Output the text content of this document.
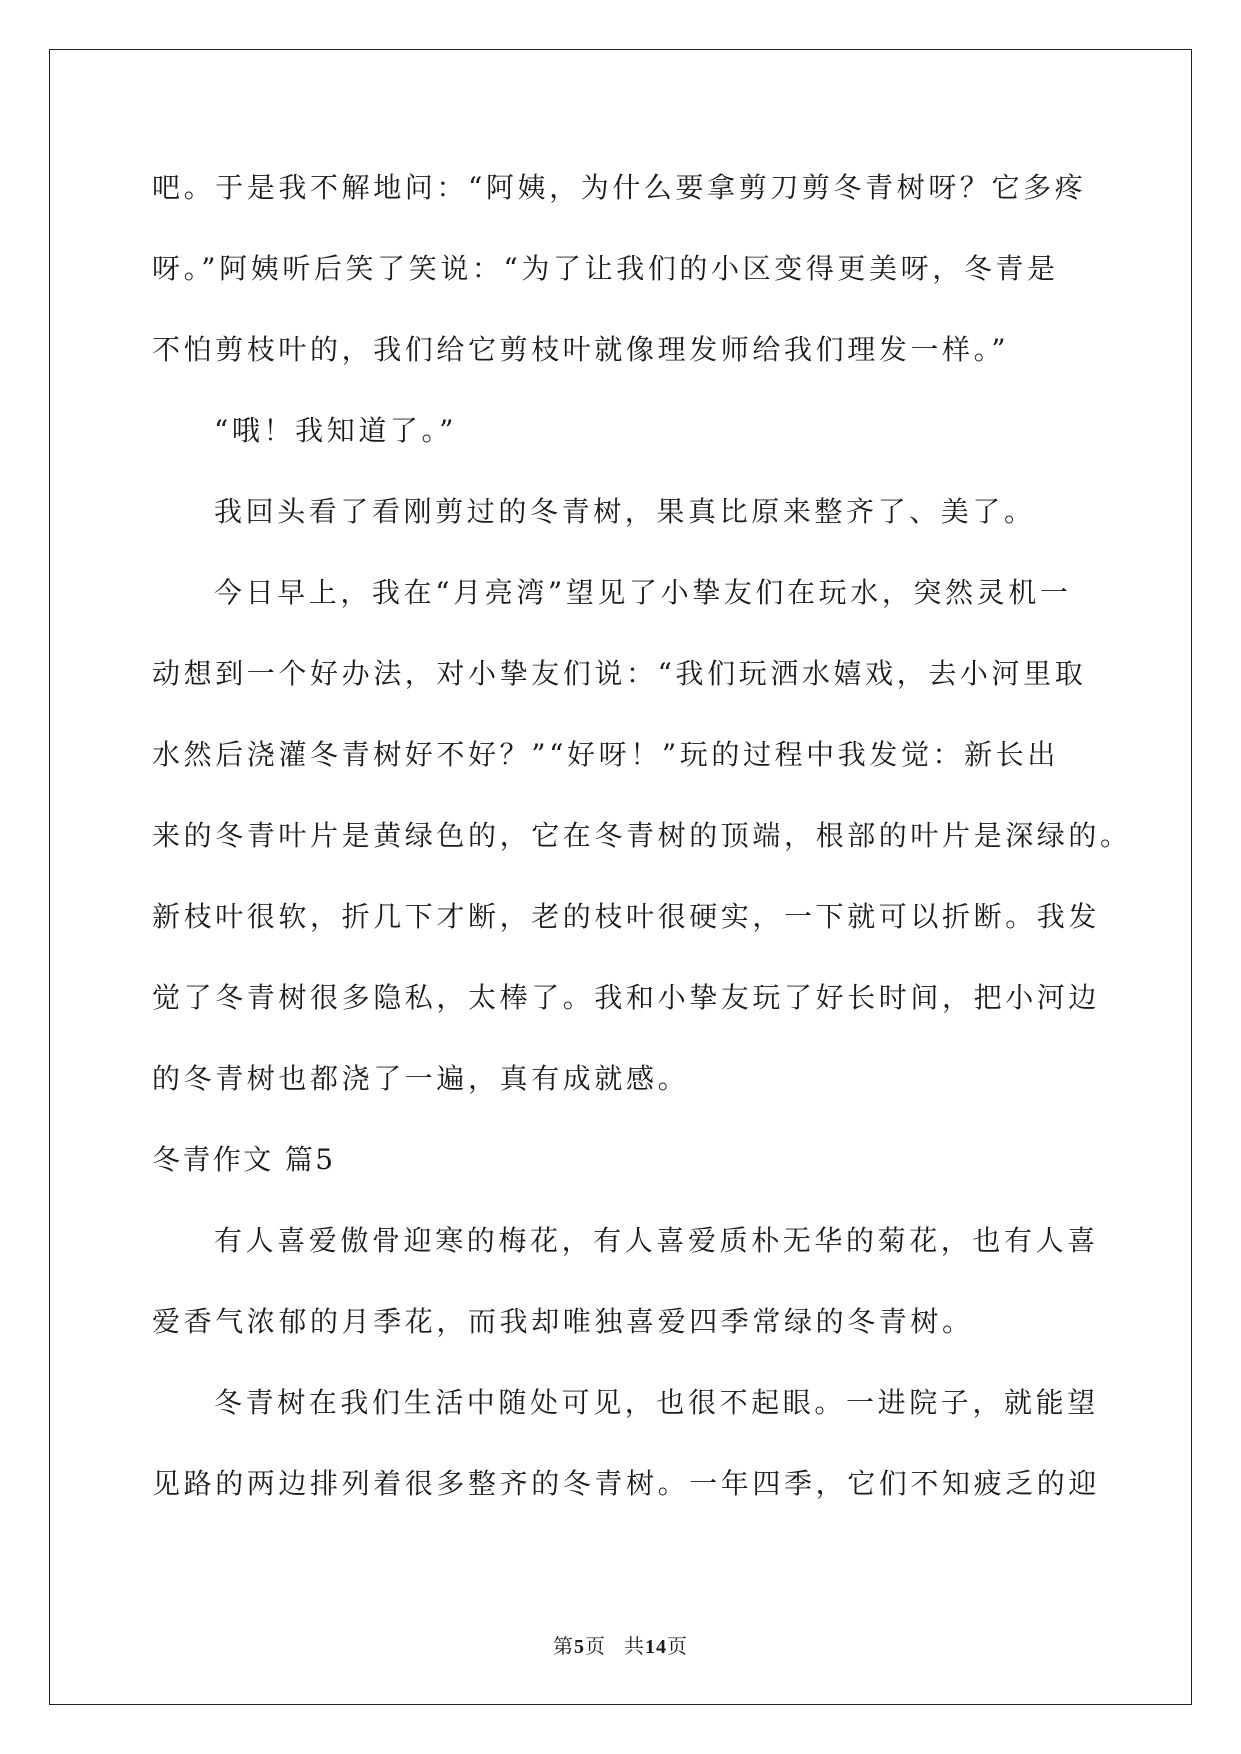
吧。于是我不解地问：“阿姨，为什么要拿剪刀剪冬青树呀？它多疼
呀。”阿姨听后笑了笑说：“为了让我们的小区变得更美呀，冬青是
不怕剪枝叶的，我们给它剪枝叶就像理发师给我们理发一样。”
“哦！我知道了。”
我回头看了看刚剪过的冬青树，果真比原来整齐了、美了。
今日早上，我在“月亮湾”望见了小挚友们在玩水，突然灵机一
动想到一个好办法，对小挚友们说：“我们玩洒水嬉戏，去小河里取
水然后浇灌冬青树好不好？”“好呀！”玩的过程中我发觉：新长出
来的冬青叶片是黄绿色的，它在冬青树的顶端，根部的叶片是深绿的。
新枝叶很软，折几下才断，老的枝叶很硬实，一下就可以折断。我发
觉了冬青树很多隐私，太棒了。我和小挚友玩了好长时间，把小河边
的冬青树也都浇了一遍，真有成就感。
冬青作文 篇5
有人喜爱傲骨迎寒的梅花，有人喜爱质朴无华的菊花，也有人喜
爱香气浓郁的月季花，而我却唯独喜爱四季常绿的冬青树。
冬青树在我们生活中随处可见，也很不起眼。一进院子，就能望
见路的两边排列着很多整齐的冬青树。一年四季，它们不知疲乏的迎
第5页 共14页
